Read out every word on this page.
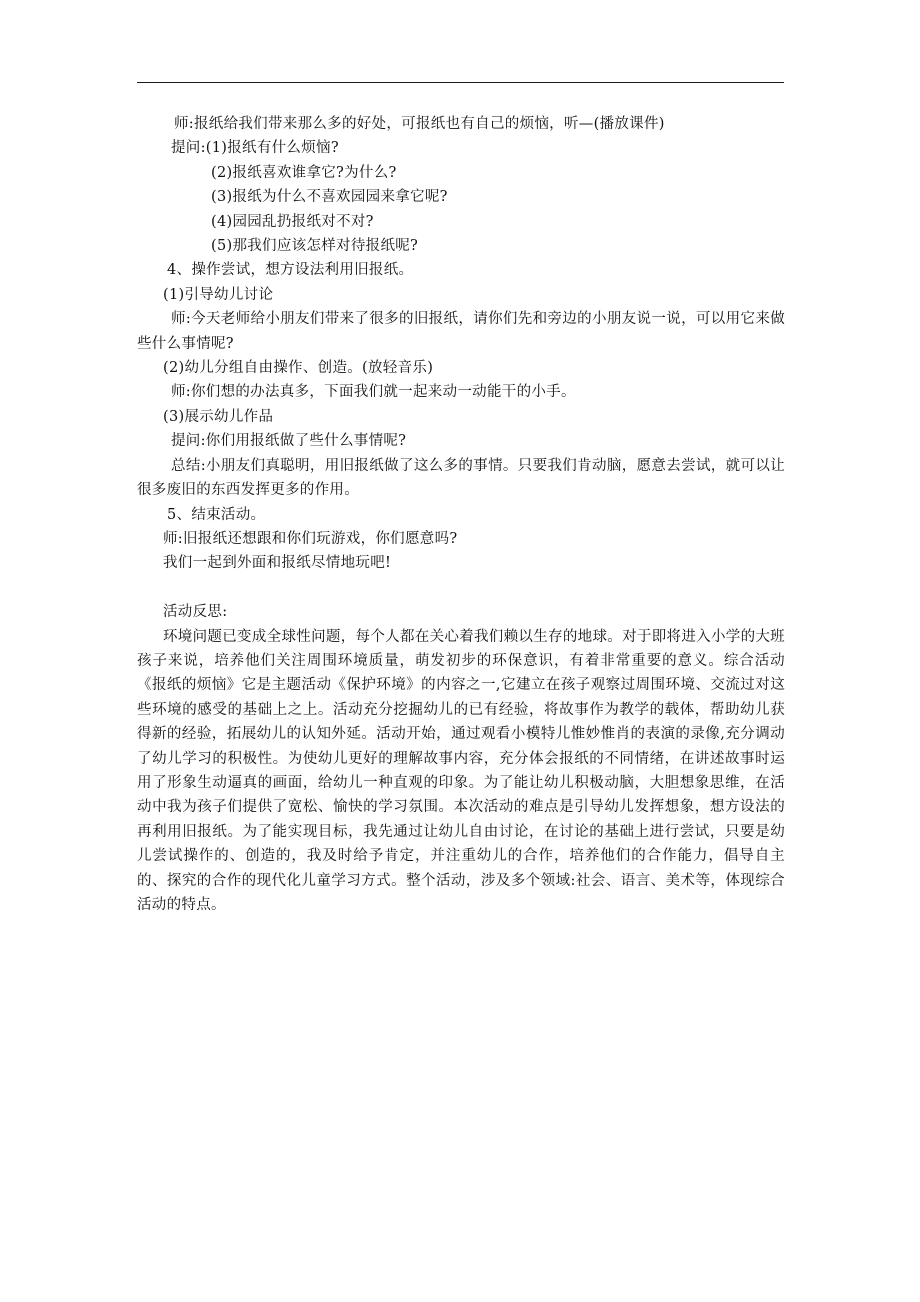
师:报纸给我们带来那么多的好处，可报纸也有自己的烦恼，听—(播放课件)
提问:(1)报纸有什么烦恼?
(2)报纸喜欢谁拿它?为什么?
(3)报纸为什么不喜欢园园来拿它呢?
(4)园园乱扔报纸对不对?
(5)那我们应该怎样对待报纸呢?
4、操作尝试，想方设法利用旧报纸。
(1)引导幼儿讨论
师:今天老师给小朋友们带来了很多的旧报纸，请你们先和旁边的小朋友说一说，可以用它来做些什么事情呢?
(2)幼儿分组自由操作、创造。(放轻音乐)
师:你们想的办法真多，下面我们就一起来动一动能干的小手。
(3)展示幼儿作品
提问:你们用报纸做了些什么事情呢?
总结:小朋友们真聪明，用旧报纸做了这么多的事情。只要我们肯动脑，愿意去尝试，就可以让很多废旧的东西发挥更多的作用。
5、结束活动。
师:旧报纸还想跟和你们玩游戏，你们愿意吗?
我们一起到外面和报纸尽情地玩吧!
活动反思:
环境问题已变成全球性问题，每个人都在关心着我们赖以生存的地球。对于即将进入小学的大班孩子来说，培养他们关注周围环境质量，萌发初步的环保意识，有着非常重要的意义。综合活动《报纸的烦恼》它是主题活动《保护环境》的内容之一,它建立在孩子观察过周围环境、交流过对这些环境的感受的基础上之上。活动充分挖掘幼儿的已有经验，将故事作为教学的载体，帮助幼儿获得新的经验，拓展幼儿的认知外延。活动开始，通过观看小模特儿惟妙惟肖的表演的录像,充分调动了幼儿学习的积极性。为使幼儿更好的理解故事内容，充分体会报纸的不同情绪，在讲述故事时运用了形象生动逼真的画面，给幼儿一种直观的印象。为了能让幼儿积极动脑，大胆想象思维，在活动中我为孩子们提供了宽松、愉快的学习氛围。本次活动的难点是引导幼儿发挥想象，想方设法的再利用旧报纸。为了能实现目标，我先通过让幼儿自由讨论，在讨论的基础上进行尝试，只要是幼儿尝试操作的、创造的，我及时给予肯定，并注重幼儿的合作，培养他们的合作能力，倡导自主的、探究的合作的现代化儿童学习方式。整个活动，涉及多个领域:社会、语言、美术等，体现综合活动的特点。
